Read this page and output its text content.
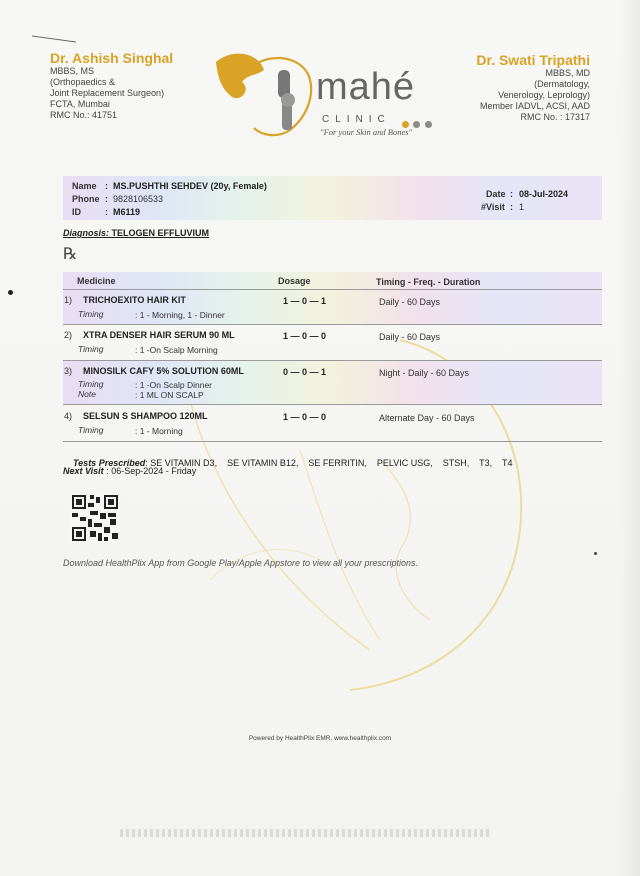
Dr. Ashish Singhal
MBBS, MS
(Orthopaedics &
Joint Replacement Surgeon)
FCTA, Mumbai
RMC No.: 41751
mahé
CLINIC

"For your Skin and Bones"
Dr. Swati Tripathi
MBBS, MD
(Dermatology,
Venerology, Leprology)
Member IADVL, ACSI, AAD
RMC No. : 17317
Name : MS.PUSHTHI SEHDEV (20y, Female)
Phone : 9828106533
ID	: M6119
Date : 08-Jul-2024
#Visit : 1
Diagnosis: TELOGEN EFFLUVIUM
℞
Medicine	Dosage	Timing - Freq. - Duration
1) TRICHOEXITO HAIR KIT	1 — 0 — 1	Daily - 60 Days
Timing	: 1 - Morning, 1 - Dinner
2) XTRA DENSER HAIR SERUM 90 ML	1 — 0 — 0	Daily - 60 Days
Timing	: 1 -On Scalp Morning
3) MINOSILK CAFY 5% SOLUTION 60ML	0 — 0 — 1	Night - Daily - 60 Days
Timing	: 1 -On Scalp Dinner
Note	: 1 ML ON SCALP
4) SELSUN S SHAMPOO 120ML	1 — 0 — 0	Alternate Day - 60 Days
Timing	: 1 - Morning

Tests Prescribed: SE VITAMIN D3,    SE VITAMIN B12,    SE FERRITIN,    PELVIC USG,    STSH,    T3,    T4

Next Visit : 06-Sep-2024 - Friday
Download HealthPlix App from Google Play/Apple Appstore to view all your prescriptions.
Powered by HealthPlix EMR, www.healthplix.com
